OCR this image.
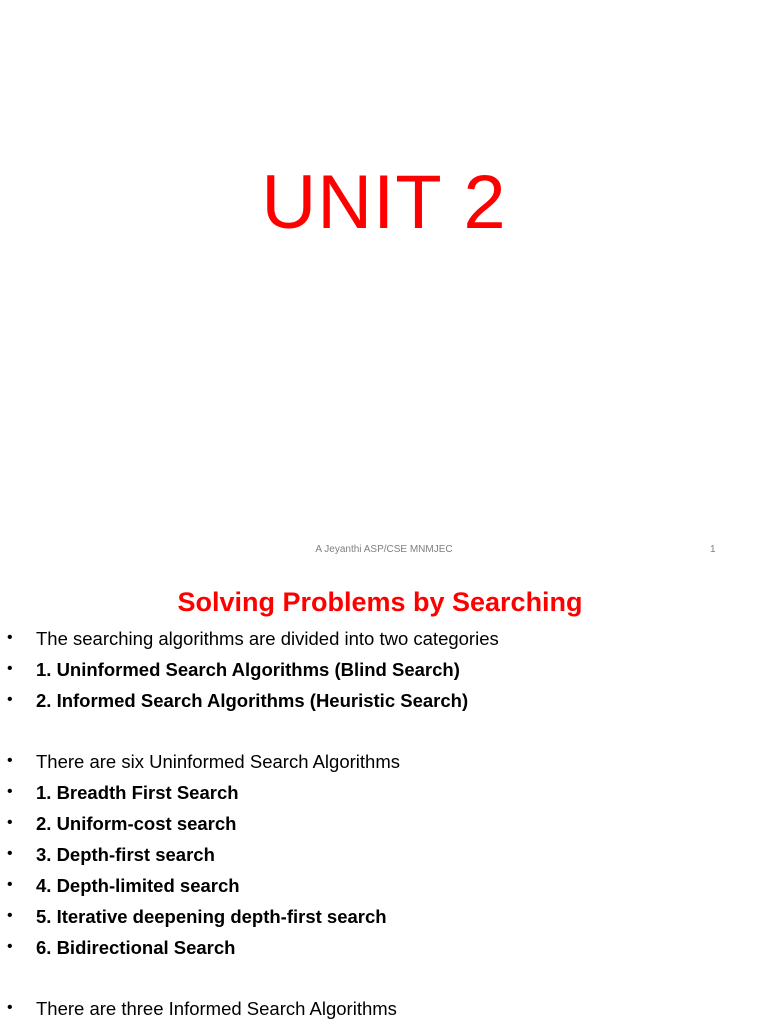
UNIT 2
A Jeyanthi ASP/CSE MNMJEC	1
Solving Problems by Searching
• The searching algorithms are divided into two categories
• 1. Uninformed Search Algorithms (Blind Search)
• 2. Informed Search Algorithms (Heuristic Search)
• There are six Uninformed Search Algorithms
• 1. Breadth First Search
• 2. Uniform-cost search
• 3. Depth-first search
• 4. Depth-limited search
• 5. Iterative deepening depth-first search
• 6. Bidirectional Search
• There are three Informed Search Algorithms
